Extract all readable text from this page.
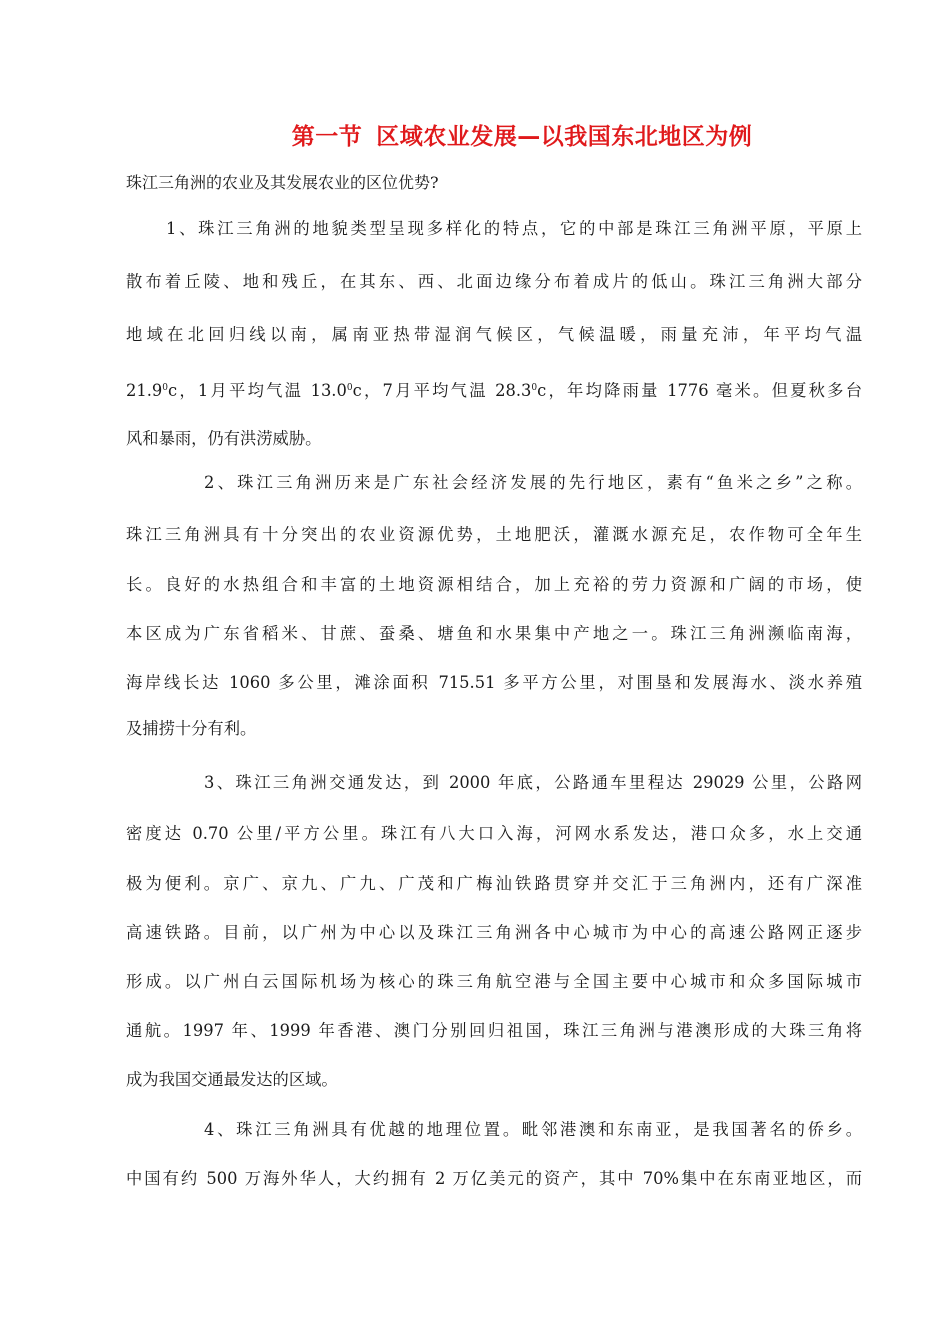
第一节 区域农业发展—以我国东北地区为例
珠江三角洲的农业及其发展农业的区位优势?
1、珠江三角洲的地貌类型呈现多样化的特点，它的中部是珠江三角洲平原，平原上
散布着丘陵、地和残丘，在其东、西、北面边缘分布着成片的低山。珠江三角洲大部分
地域在北回归线以南，属南亚热带湿润气候区，气候温暖，雨量充沛，年平均气温
21.9$^0$c，1月平均气温 13.0$^0$c，7月平均气温 28.3$^0$c，年均降雨量 1776 毫米。但夏秋多台
风和暴雨，仍有洪涝威胁。
2、珠江三角洲历来是广东社会经济发展的先行地区，素有“鱼米之乡”之称。
珠江三角洲具有十分突出的农业资源优势，土地肥沃，灌溉水源充足，农作物可全年生
长。良好的水热组合和丰富的土地资源相结合，加上充裕的劳力资源和广阔的市场，使
本区成为广东省稻米、甘蔗、蚕桑、塘鱼和水果集中产地之一。珠江三角洲濒临南海，
海岸线长达 1060 多公里，滩涂面积 715.51 多平方公里，对围垦和发展海水、淡水养殖
及捕捞十分有利。
3、珠江三角洲交通发达，到 2000 年底，公路通车里程达 29029 公里，公路网
密度达 0.70 公里/平方公里。珠江有八大口入海，河网水系发达，港口众多，水上交通
极为便利。京广、京九、广九、广茂和广梅汕铁路贯穿并交汇于三角洲内，还有广深准
高速铁路。目前，以广州为中心以及珠江三角洲各中心城市为中心的高速公路网正逐步
形成。以广州白云国际机场为核心的珠三角航空港与全国主要中心城市和众多国际城市
通航。1997 年、1999 年香港、澳门分别回归祖国，珠江三角洲与港澳形成的大珠三角将
成为我国交通最发达的区域。
4、珠江三角洲具有优越的地理位置。毗邻港澳和东南亚，是我国著名的侨乡。
中国有约 500 万海外华人，大约拥有 2 万亿美元的资产，其中 70%集中在东南亚地区，而
